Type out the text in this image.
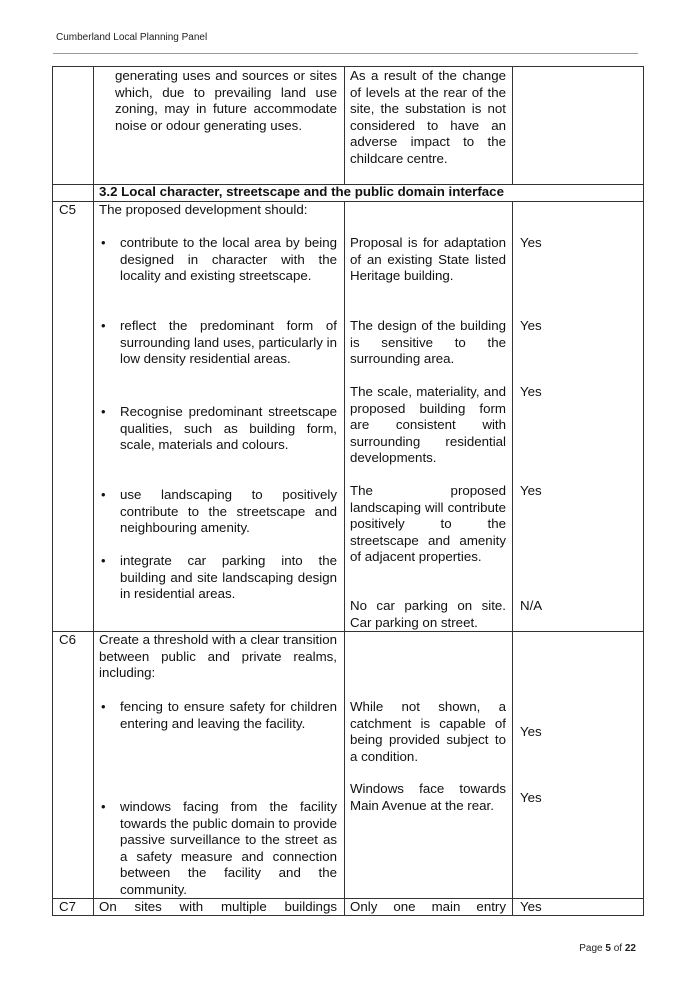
Cumberland Local Planning Panel

generating uses and sources or sites which, due to prevailing land use zoning, may in future accommodate noise or odour generating uses.

As a result of the change of levels at the rear of the site, the substation is not considered to have an adverse impact to the childcare centre.

3.2 Local character, streetscape and the public domain interface
C5 The proposed development should:

• contribute to the local area by being designed in character with the locality and existing streetscape.

Proposal is for adaptation of an existing State listed Heritage building.

Yes
• reflect the predominant form of surrounding land uses, particularly in low density residential areas.

The design of the building is sensitive to the surrounding area.

Yes

The scale, materiality, and proposed building form are consistent with surrounding residential developments.

Yes
• Recognise predominant streetscape qualities, such as building form, scale, materials and colours.

• use landscaping to positively contribute to the streetscape and neighbouring amenity.

The proposed landscaping will contribute positively to the streetscape and amenity of adjacent properties.

Yes
• integrate car parking into the building and site landscaping design in residential areas.

No car parking on site. Car parking on street.

N/A
C6 Create a threshold with a clear transition between public and private realms, including:

• fencing to ensure safety for children entering and leaving the facility.

While not shown, a catchment is capable of being provided subject to a condition.

Yes

Windows face towards Main Avenue at the rear.

Yes
• windows facing from the facility towards the public domain to provide passive surveillance to the street as a safety measure and connection between the facility and the community.

C7 On sites with multiple buildings Only one main entry Yes
Page 5 of 22
